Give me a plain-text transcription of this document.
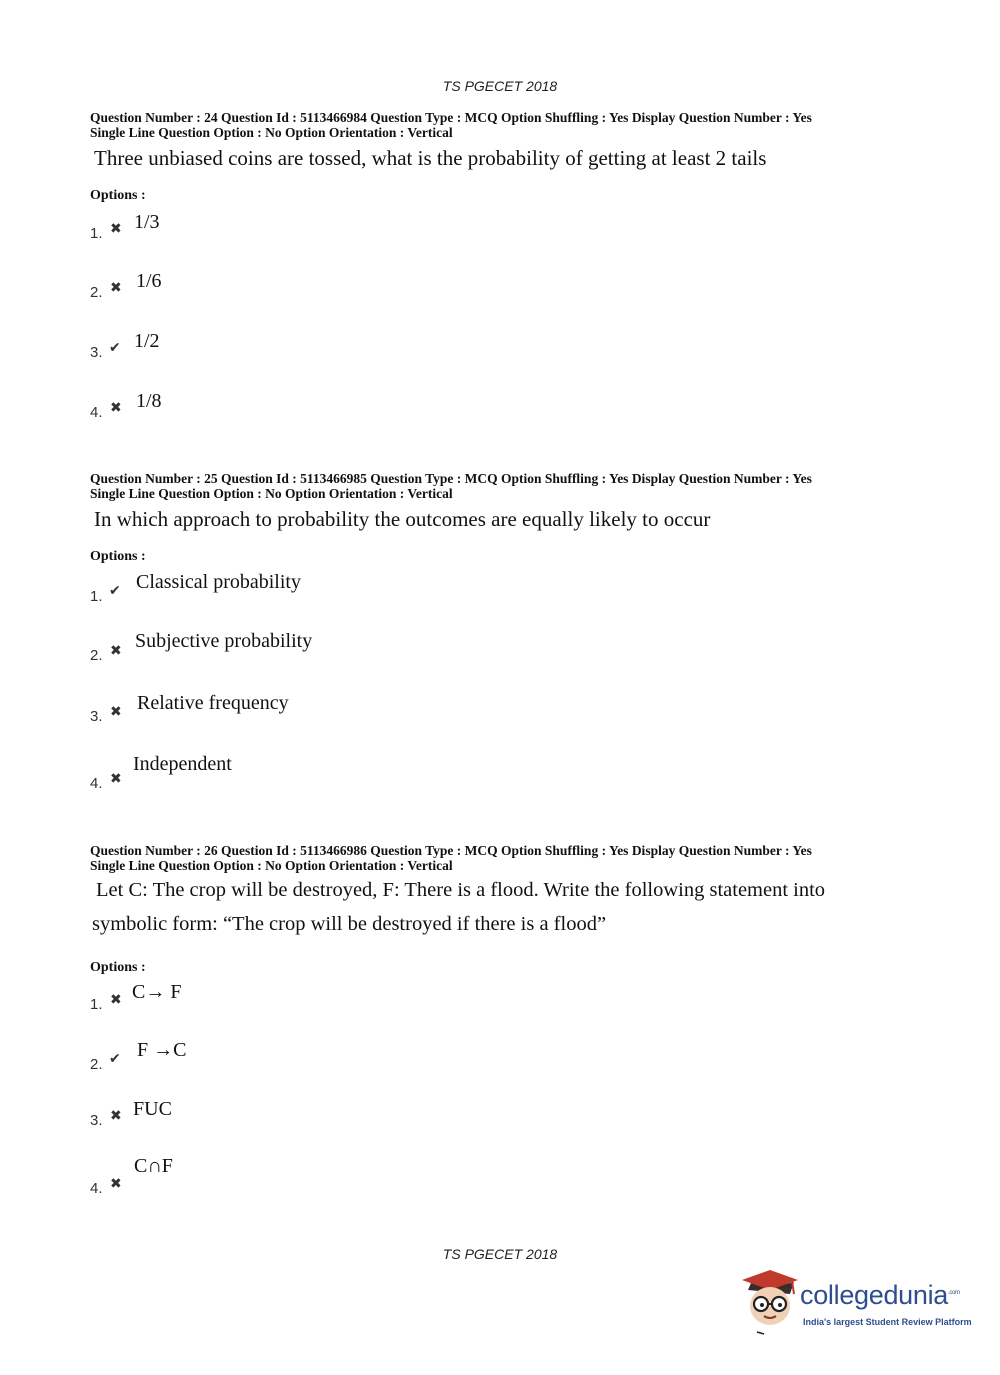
TS PGECET 2018
Question Number : 24 Question Id : 5113466984 Question Type : MCQ Option Shuffling : Yes Display Question Number : Yes
Single Line Question Option : No Option Orientation : Vertical
Three unbiased coins are tossed, what is the probability of getting at least 2 tails
Options :
1. ✖ 1/3
2. ✖ 1/6
3. ✔ 1/2
4. ✖ 1/8
Question Number : 25 Question Id : 5113466985 Question Type : MCQ Option Shuffling : Yes Display Question Number : Yes
Single Line Question Option : No Option Orientation : Vertical
In which approach to probability the outcomes are equally likely to occur
Options :
1. ✔ Classical probability
2. ✖ Subjective probability
3. ✖ Relative frequency
4. ✖
Independent
Question Number : 26 Question Id : 5113466986 Question Type : MCQ Option Shuffling : Yes Display Question Number : Yes
Single Line Question Option : No Option Orientation : Vertical
Let C: The crop will be destroyed, F: There is a flood. Write the following statement into
symbolic form: “The crop will be destroyed if there is a flood”
Options :
1. ✖ C→ F
2. ✔ F →C
3. ✖ FUC
4. ✖
C∩F
TS PGECET 2018
collegedunia$^{.com}$
India's largest Student Review Platform
